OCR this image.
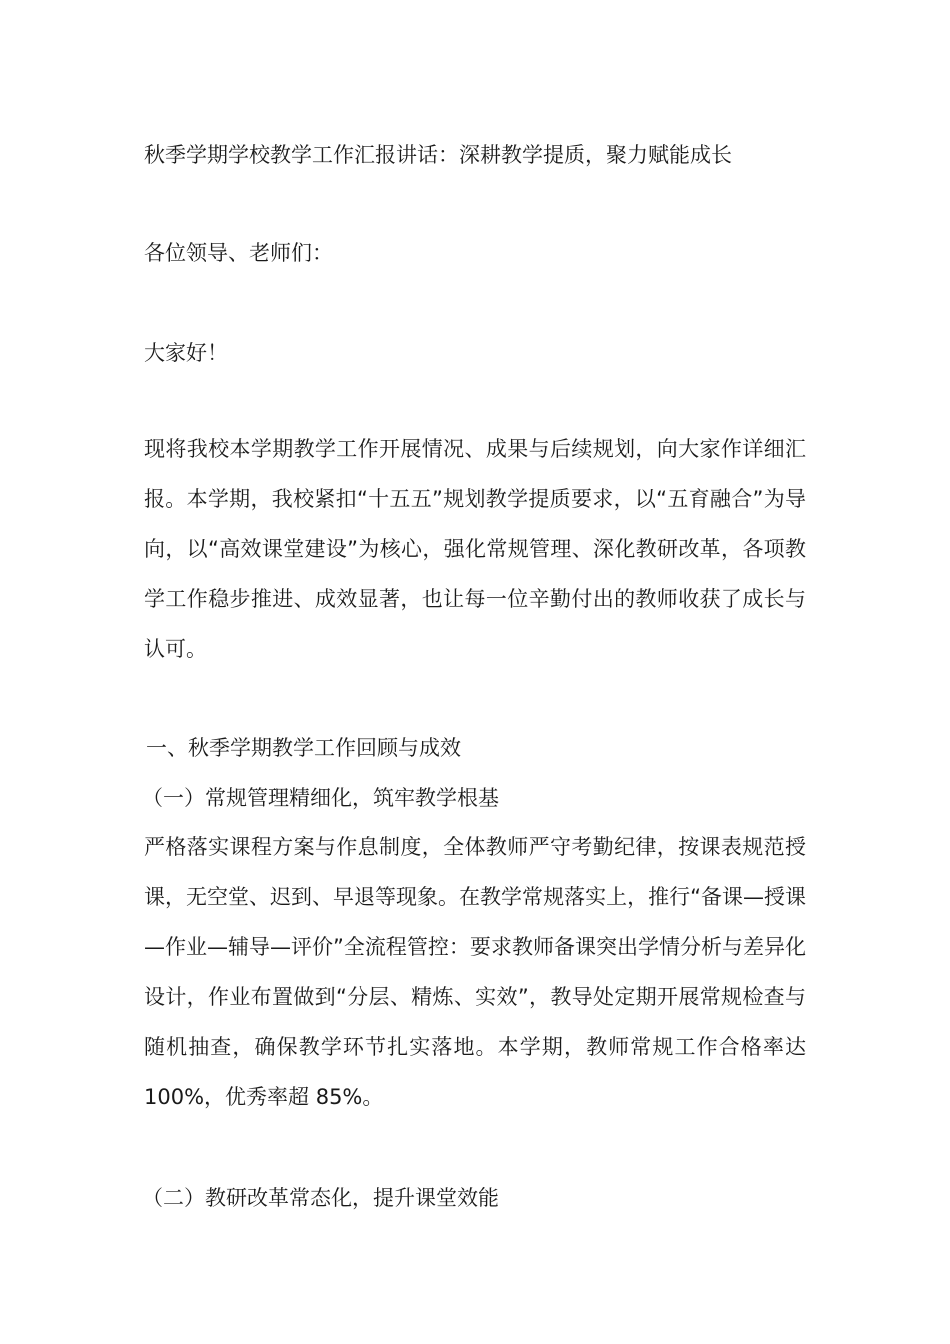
秋季学期学校教学工作汇报讲话：深耕教学提质，聚力赋能成长
各位领导、老师们：
大家好！
现将我校本学期教学工作开展情况、成果与后续规划，向大家作详细汇报。本学期，我校紧扣“十五五”规划教学提质要求，以“五育融合”为导向，以“高效课堂建设”为核心，强化常规管理、深化教研改革，各项教学工作稳步推进、成效显著，也让每一位辛勤付出的教师收获了成长与认可。
一、秋季学期教学工作回顾与成效
（一）常规管理精细化，筑牢教学根基
严格落实课程方案与作息制度，全体教师严守考勤纪律，按课表规范授课，无空堂、迟到、早退等现象。在教学常规落实上，推行“备课—授课—作业—辅导—评价”全流程管控：要求教师备课突出学情分析与差异化设计，作业布置做到“分层、精炼、实效”，教导处定期开展常规检查与随机抽查，确保教学环节扎实落地。本学期，教师常规工作合格率达 100%，优秀率超 85%。
（二）教研改革常态化，提升课堂效能
